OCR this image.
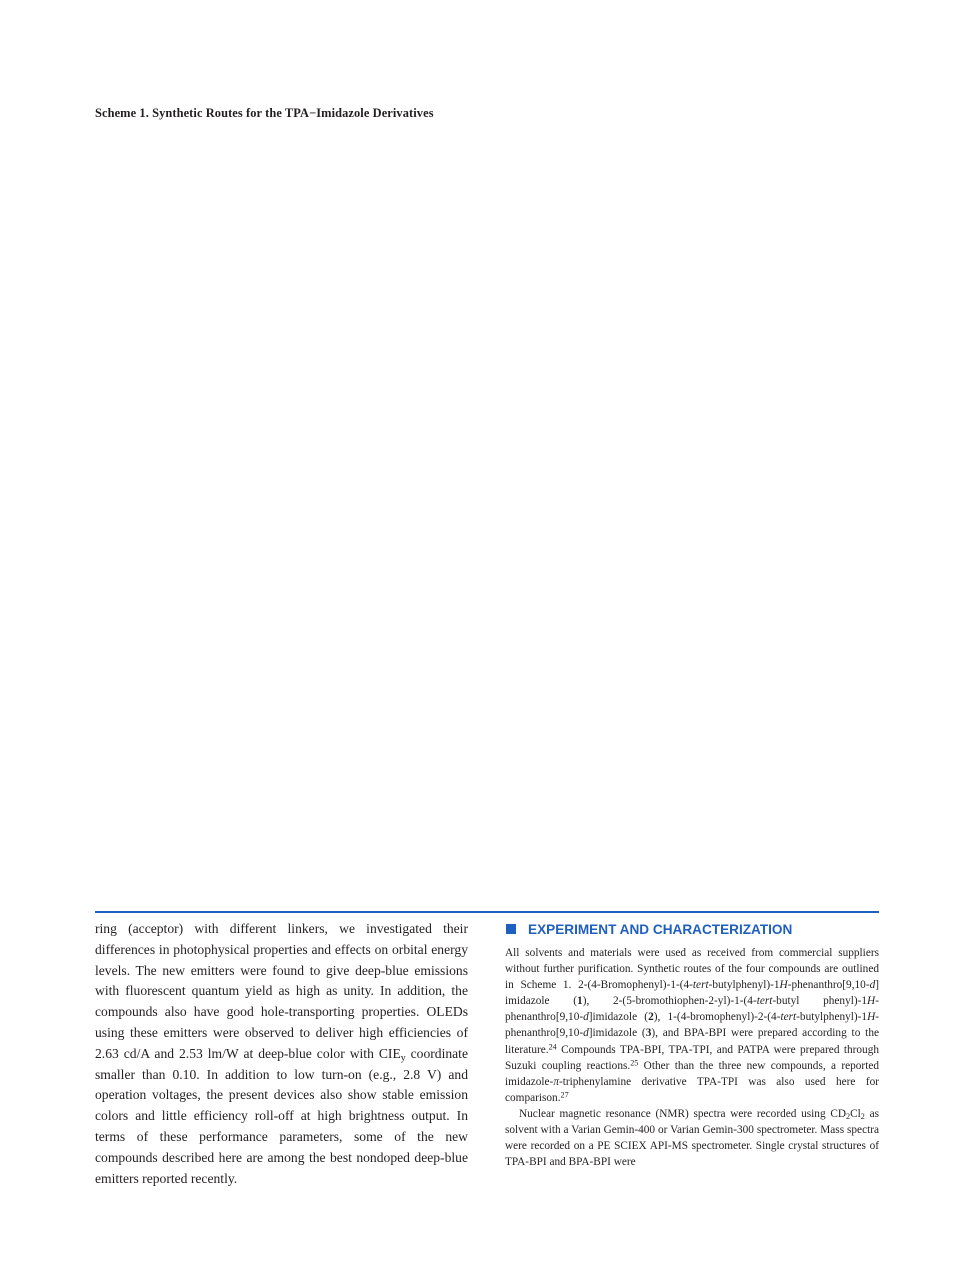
Scheme 1. Synthetic Routes for the TPA−Imidazole Derivatives

ring (acceptor) with different linkers, we investigated their differences in photophysical properties and effects on orbital energy levels. The new emitters were found to give deep-blue emissions with fluorescent quantum yield as high as unity. In addition, the compounds also have good hole-transporting properties. OLEDs using these emitters were observed to deliver high efficiencies of 2.63 cd/A and 2.53 lm/W at deep-blue color with $CIE_y$ coordinate smaller than 0.10. In addition to low turn-on (e.g., 2.8 V) and operation voltages, the present devices also show stable emission colors and little efficiency roll-off at high brightness output. In terms of these performance parameters, some of the new compounds described here are among the best nondoped deep-blue emitters reported recently.

EXPERIMENT AND CHARACTERIZATION

All solvents and materials were used as received from commercial suppliers without further purification. Synthetic routes of the four compounds are outlined in Scheme 1. 2-(4-Bromophenyl)-1-(4-tert-butylphenyl)-1H-phenanthro[9,10-d] imidazole (1), 2-(5-bromothiophen-2-yl)-1-(4-tert-butyl phenyl)-1H-phenanthro[9,10-d]imidazole (2), 1-(4-bromophenyl)-2-(4-tert-butylphenyl)-1H-phenanthro[9,10-d]imidazole (3), and BPA-BPI were prepared according to the literature.$^{24}$ Compounds TPA-BPI, TPA-TPI, and PATPA were prepared through Suzuki coupling reactions.$^{25}$ Other than the three new compounds, a reported imidazole-π-triphenylamine derivative TPA-TPI was also used here for comparison.$^{27}$

Nuclear magnetic resonance (NMR) spectra were recorded using $CD_2Cl_2$ as solvent with a Varian Gemin-400 or Varian Gemin-300 spectrometer. Mass spectra were recorded on a PE SCIEX API-MS spectrometer. Single crystal structures of TPA-BPI and BPA-BPI were
